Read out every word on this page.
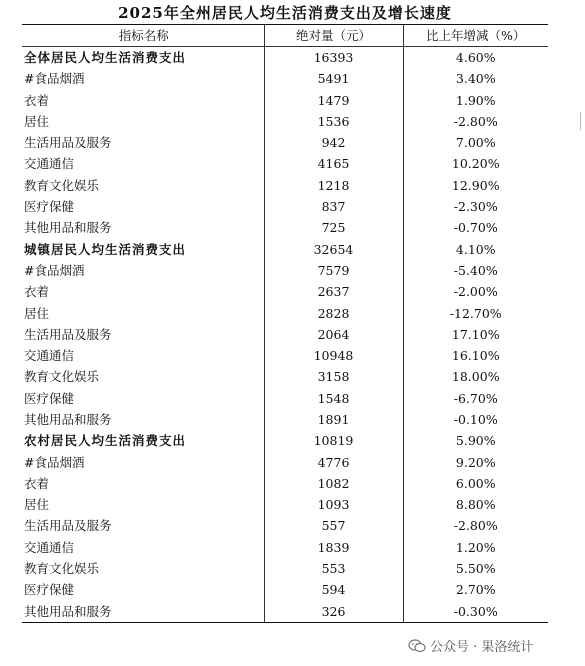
2025年全州居民人均生活消费支出及增长速度
指标名称	绝对量（元）	比上年增减（%）
全体居民人均生活消费支出	16393	4.60%
#食品烟酒	5491	3.40%
衣着	1479	1.90%
居住	1536	-2.80%
生活用品及服务	942	7.00%
交通通信	4165	10.20%
教育文化娱乐	1218	12.90%
医疗保健	837	-2.30%
其他用品和服务	725	-0.70%
城镇居民人均生活消费支出	32654	4.10%
#食品烟酒	7579	-5.40%
衣着	2637	-2.00%
居住	2828	-12.70%
生活用品及服务	2064	17.10%
交通通信	10948	16.10%
教育文化娱乐	3158	18.00%
医疗保健	1548	-6.70%
其他用品和服务	1891	-0.10%
农村居民人均生活消费支出	10819	5.90%
#食品烟酒	4776	9.20%
衣着	1082	6.00%
居住	1093	8.80%
生活用品及服务	557	-2.80%
交通通信	1839	1.20%
教育文化娱乐	553	5.50%
医疗保健	594	2.70%
其他用品和服务	326	-0.30%
公众号 · 果洛统计
